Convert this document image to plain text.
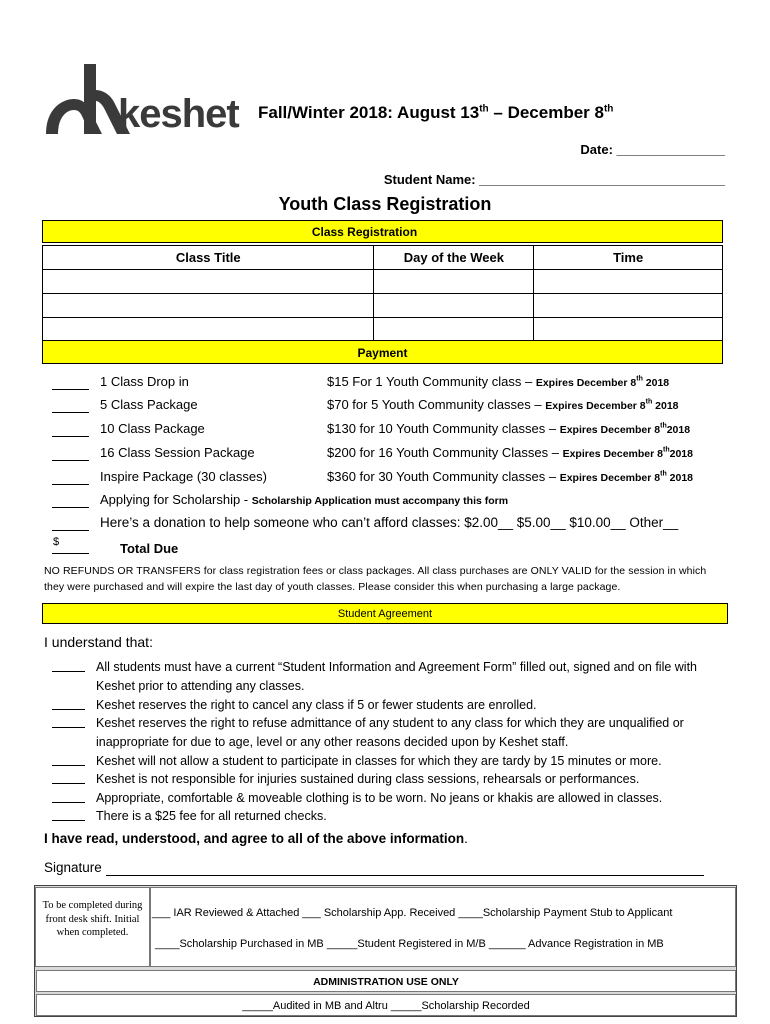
keshet Fall/Winter 2018: August 13th – December 8th
Date: _______________
Student Name: __________________________________
Youth Class Registration
Class Registration
Class Title	Day of the Week	Time

Payment
1 Class Drop in	$15 For 1 Youth Community class – Expires December 8th 2018
5 Class Package	$70 for 5 Youth Community classes – Expires December 8th 2018
10 Class Package	$130 for 10 Youth Community classes – Expires December 8th2018
16 Class Session Package	$200 for 16 Youth Community Classes – Expires December 8th2018
Inspire Package (30 classes)	$360 for 30 Youth Community classes – Expires December 8th 2018
Applying for Scholarship - Scholarship Application must accompany this form
Here’s a donation to help someone who can’t afford classes: $2.00__ $5.00__ $10.00__ Other__
$	Total Due
NO REFUNDS OR TRANSFERS for class registration fees or class packages. All class purchases are ONLY VALID for the session in which they were purchased and will expire the last day of youth classes. Please consider this when purchasing a large package.
Student Agreement
I understand that:
All students must have a current “Student Information and Agreement Form” filled out, signed and on file with Keshet prior to attending any classes.
Keshet reserves the right to cancel any class if 5 or fewer students are enrolled.
Keshet reserves the right to refuse admittance of any student to any class for which they are unqualified or inappropriate for due to age, level or any other reasons decided upon by Keshet staff.
Keshet will not allow a student to participate in classes for which they are tardy by 15 minutes or more.
Keshet is not responsible for injuries sustained during class sessions, rehearsals or performances.
Appropriate, comfortable & moveable clothing is to be worn. No jeans or khakis are allowed in classes.
There is a $25 fee for all returned checks.
I have read, understood, and agree to all of the above information.
Signature
To be completed during front desk shift. Initial when completed.
___ IAR Reviewed & Attached ___ Scholarship App. Received ____Scholarship Payment Stub to Applicant
____Scholarship Purchased in MB _____Student Registered in M/B ______ Advance Registration in MB
ADMINISTRATION USE ONLY
_____Audited in MB and Altru _____Scholarship Recorded
